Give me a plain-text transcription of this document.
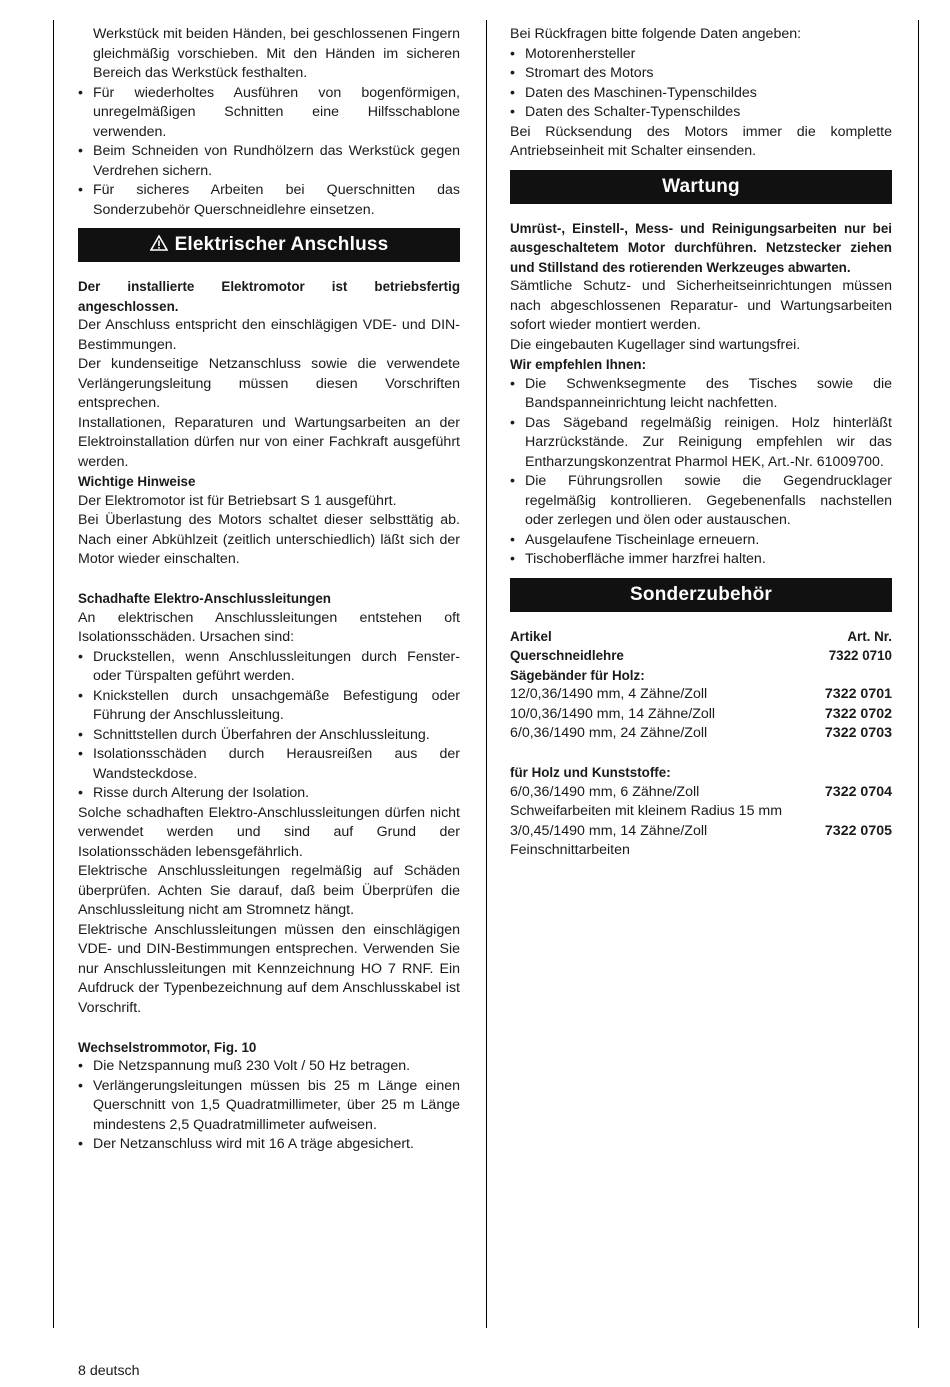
Werkstück mit beiden Händen, bei geschlossenen Fingern gleichmäßig vorschieben. Mit den Händen im sicheren Bereich das Werkstück festhalten.

• Für wiederholtes Ausführen von bogenförmigen, unregelmäßigen Schnitten eine Hilfsschablone verwenden.
• Beim Schneiden von Rundhölzern das Werkstück gegen Verdrehen sichern.
• Für sicheres Arbeiten bei Querschnitten das Sonderzubehör Querschneidlehre einsetzen.
Elektrischer Anschluss

Der installierte Elektromotor ist betriebsfertig angeschlossen.

Der Anschluss entspricht den einschlägigen VDE- und DIN-Bestimmungen.

Der kundenseitige Netzanschluss sowie die verwendete Verlängerungsleitung müssen diesen Vorschriften entsprechen.

Installationen, Reparaturen und Wartungsarbeiten an der Elektroinstallation dürfen nur von einer Fachkraft ausgeführt werden.

Wichtige Hinweise

Der Elektromotor ist für Betriebsart S 1 ausgeführt.

Bei Überlastung des Motors schaltet dieser selbsttätig ab. Nach einer Abkühlzeit (zeitlich unterschiedlich) läßt sich der Motor wieder einschalten.

Schadhafte Elektro-Anschlussleitungen

An elektrischen Anschlussleitungen entstehen oft Isolationsschäden. Ursachen sind:

• Druckstellen, wenn Anschlussleitungen durch Fenster- oder Türspalten geführt werden.
• Knickstellen durch unsachgemäße Befestigung oder Führung der Anschlussleitung.
• Schnittstellen durch Überfahren der Anschlussleitung.
• Isolationsschäden durch Herausreißen aus der Wandsteckdose.
• Risse durch Alterung der Isolation.

Solche schadhaften Elektro-Anschlussleitungen dürfen nicht verwendet werden und sind auf Grund der Isolationsschäden lebensgefährlich.

Elektrische Anschlussleitungen regelmäßig auf Schäden überprüfen. Achten Sie darauf, daß beim Überprüfen die Anschlussleitung nicht am Stromnetz hängt.

Elektrische Anschlussleitungen müssen den einschlägigen VDE- und DIN-Bestimmungen entsprechen. Verwenden Sie nur Anschlussleitungen mit Kennzeichnung HO 7 RNF. Ein Aufdruck der Typenbezeichnung auf dem Anschlusskabel ist Vorschrift.

Wechselstrommotor, Fig. 10

• Die Netzspannung muß 230 Volt / 50 Hz betragen.
• Verlängerungsleitungen müssen bis 25 m Länge einen Querschnitt von 1,5 Quadratmillimeter, über 25 m Länge mindestens 2,5 Quadratmillimeter aufweisen.
• Der Netzanschluss wird mit 16 A träge abgesichert.

Bei Rückfragen bitte folgende Daten angeben:

• Motorenhersteller
• Stromart des Motors
• Daten des Maschinen-Typenschildes
• Daten des Schalter-Typenschildes

Bei Rücksendung des Motors immer die komplette Antriebseinheit mit Schalter einsenden.

Wartung

Umrüst-, Einstell-, Mess- und Reinigungsarbeiten nur bei ausgeschaltetem Motor durchführen. Netzstecker ziehen und Stillstand des rotierenden Werkzeuges abwarten.

Sämtliche Schutz- und Sicherheitseinrichtungen müssen nach abgeschlossenen Reparatur- und Wartungsarbeiten sofort wieder montiert werden.

Die eingebauten Kugellager sind wartungsfrei.

Wir empfehlen Ihnen:

• Die Schwenksegmente des Tisches sowie die Bandspanneinrichtung leicht nachfetten.
• Das Sägeband regelmäßig reinigen. Holz hinterläßt Harzrückstände. Zur Reinigung empfehlen wir das Entharzungskonzentrat Pharmol HEK, Art.-Nr. 61009700.
• Die Führungsrollen sowie die Gegendrucklager regelmäßig kontrollieren. Gegebenenfalls nachstellen oder zerlegen und ölen oder austauschen.
• Ausgelaufene Tischeinlage erneuern.
• Tischoberfläche immer harzfrei halten.
Sonderzubehör
Artikel	Art. Nr.
Querschneidlehre	7322 0710

Sägebänder für Holz:

12/0,36/1490 mm, 4 Zähne/Zoll	7322 0701
10/0,36/1490 mm, 14 Zähne/Zoll	7322 0702
6/0,36/1490 mm, 24 Zähne/Zoll	7322 0703

für Holz und Kunststoffe:

6/0,36/1490 mm, 6 Zähne/Zoll	7322 0704

Schweifarbeiten mit kleinem Radius 15 mm

3/0,45/1490 mm, 14 Zähne/Zoll	7322 0705

Feinschnittarbeiten

8 deutsch
